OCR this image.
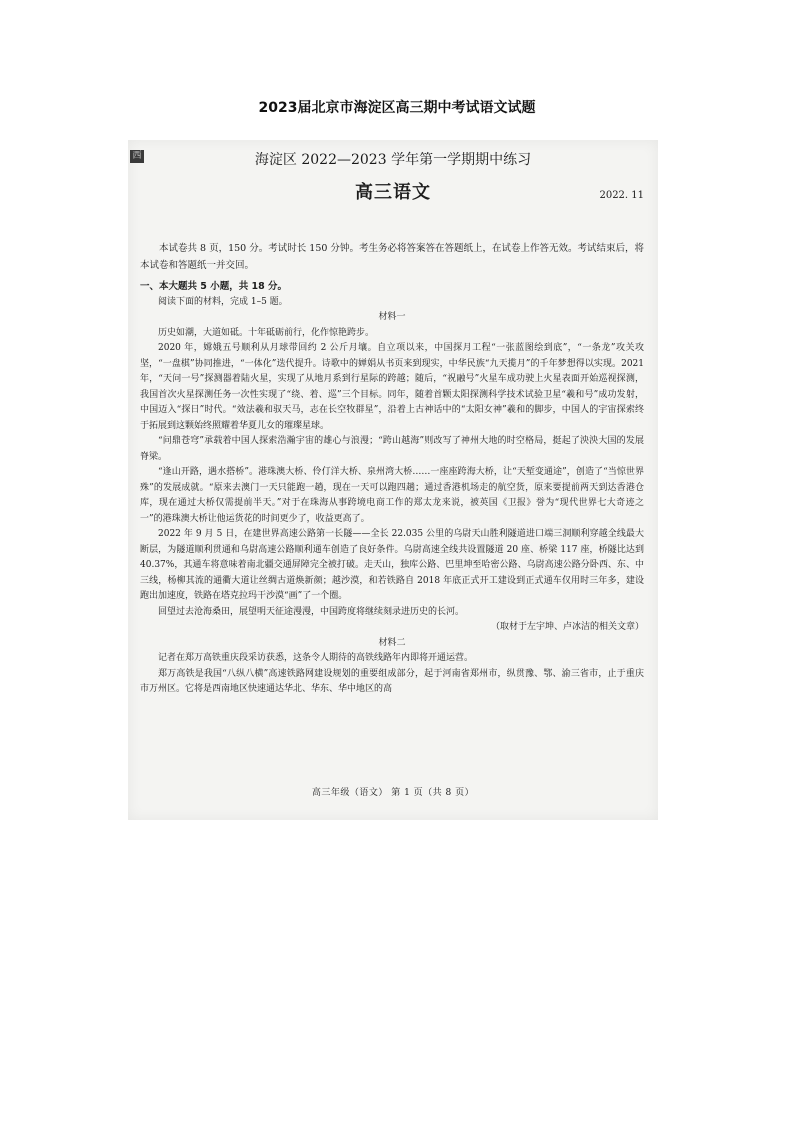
2023届北京市海淀区高三期中考试语文试题
西	海淀区 2022—2023 学年第一学期期中练习
高三语文	2022. 11

本试卷共 8 页，150 分。考试时长 150 分钟。考生务必将答案答在答题纸上，在试卷上作答无效。考试结束后，将本试卷和答题纸一并交回。

一、本大题共 5 小题，共 18 分。

阅读下面的材料，完成 1–5 题。

材料一

历史如潮，大道如砥。十年砥砺前行，化作惊艳跨步。

2020 年，嫦娥五号顺利从月球带回约 2 公斤月壤。自立项以来，中国探月工程“一张蓝图绘到底”，“一条龙”攻关攻坚，“一盘棋”协同推进，“一体化”迭代提升。诗歌中的婵娟从书页来到现实，中华民族“九天揽月”的千年梦想得以实现。2021 年，“天问一号”探测器着陆火星，实现了从地月系到行星际的跨越；随后，“祝融号”火星车成功驶上火星表面开始巡视探测，我国首次火星探测任务一次性实现了“绕、着、巡”三个目标。同年，随着首颗太阳探测科学技术试验卫星“羲和号”成功发射，中国迈入“探日”时代。“效法羲和驭天马，志在长空牧群星”，沿着上古神话中的“太阳女神”羲和的脚步，中国人的宇宙探索终于拓展到这颗始终照耀着华夏儿女的璀璨星球。

“问鼎苍穹”承载着中国人探索浩瀚宇宙的雄心与浪漫；“跨山越海”则改写了神州大地的时空格局，挺起了泱泱大国的发展脊梁。

“逢山开路，遇水搭桥”。港珠澳大桥、伶仃洋大桥、泉州湾大桥……一座座跨海大桥，让“天堑变通途”，创造了“当惊世界殊”的发展成就。“原来去澳门一天只能跑一趟，现在一天可以跑四趟；通过香港机场走的航空货，原来要提前两天到达香港仓库，现在通过大桥仅需提前半天。”对于在珠海从事跨境电商工作的郑太龙来说，被英国《卫报》誉为“现代世界七大奇迹之一”的港珠澳大桥让他运货花的时间更少了，收益更高了。

2022 年 9 月 5 日，在建世界高速公路第一长隧——全长 22.035 公里的乌尉天山胜利隧道进口端三洞顺利穿越全线最大断层，为隧道顺利贯通和乌尉高速公路顺利通车创造了良好条件。乌尉高速全线共设置隧道 20 座、桥梁 117 座，桥隧比达到 40.37%，其通车将意味着南北疆交通屏障完全被打破。走天山，独库公路、巴里坤至哈密公路、乌尉高速公路分卧西、东、中三线，杨柳其流的通衢大道让丝绸古道焕新颜；越沙漠，和若铁路自 2018 年底正式开工建设到正式通车仅用时三年多，建设跑出加速度，铁路在塔克拉玛干沙漠“画”了一个圈。

回望过去沧海桑田，展望明天征途漫漫，中国跨度将继续刻录进历史的长河。

（取材于左宇坤、卢冰洁的相关文章）

材料二

记者在郑万高铁重庆段采访获悉，这条令人期待的高铁线路年内即将开通运营。

郑万高铁是我国“八纵八横”高速铁路网建设规划的重要组成部分，起于河南省郑州市，纵贯豫、鄂、渝三省市，止于重庆市万州区。它将是西南地区快速通达华北、华东、华中地区的高

高三年级（语文） 第 1 页（共 8 页）
